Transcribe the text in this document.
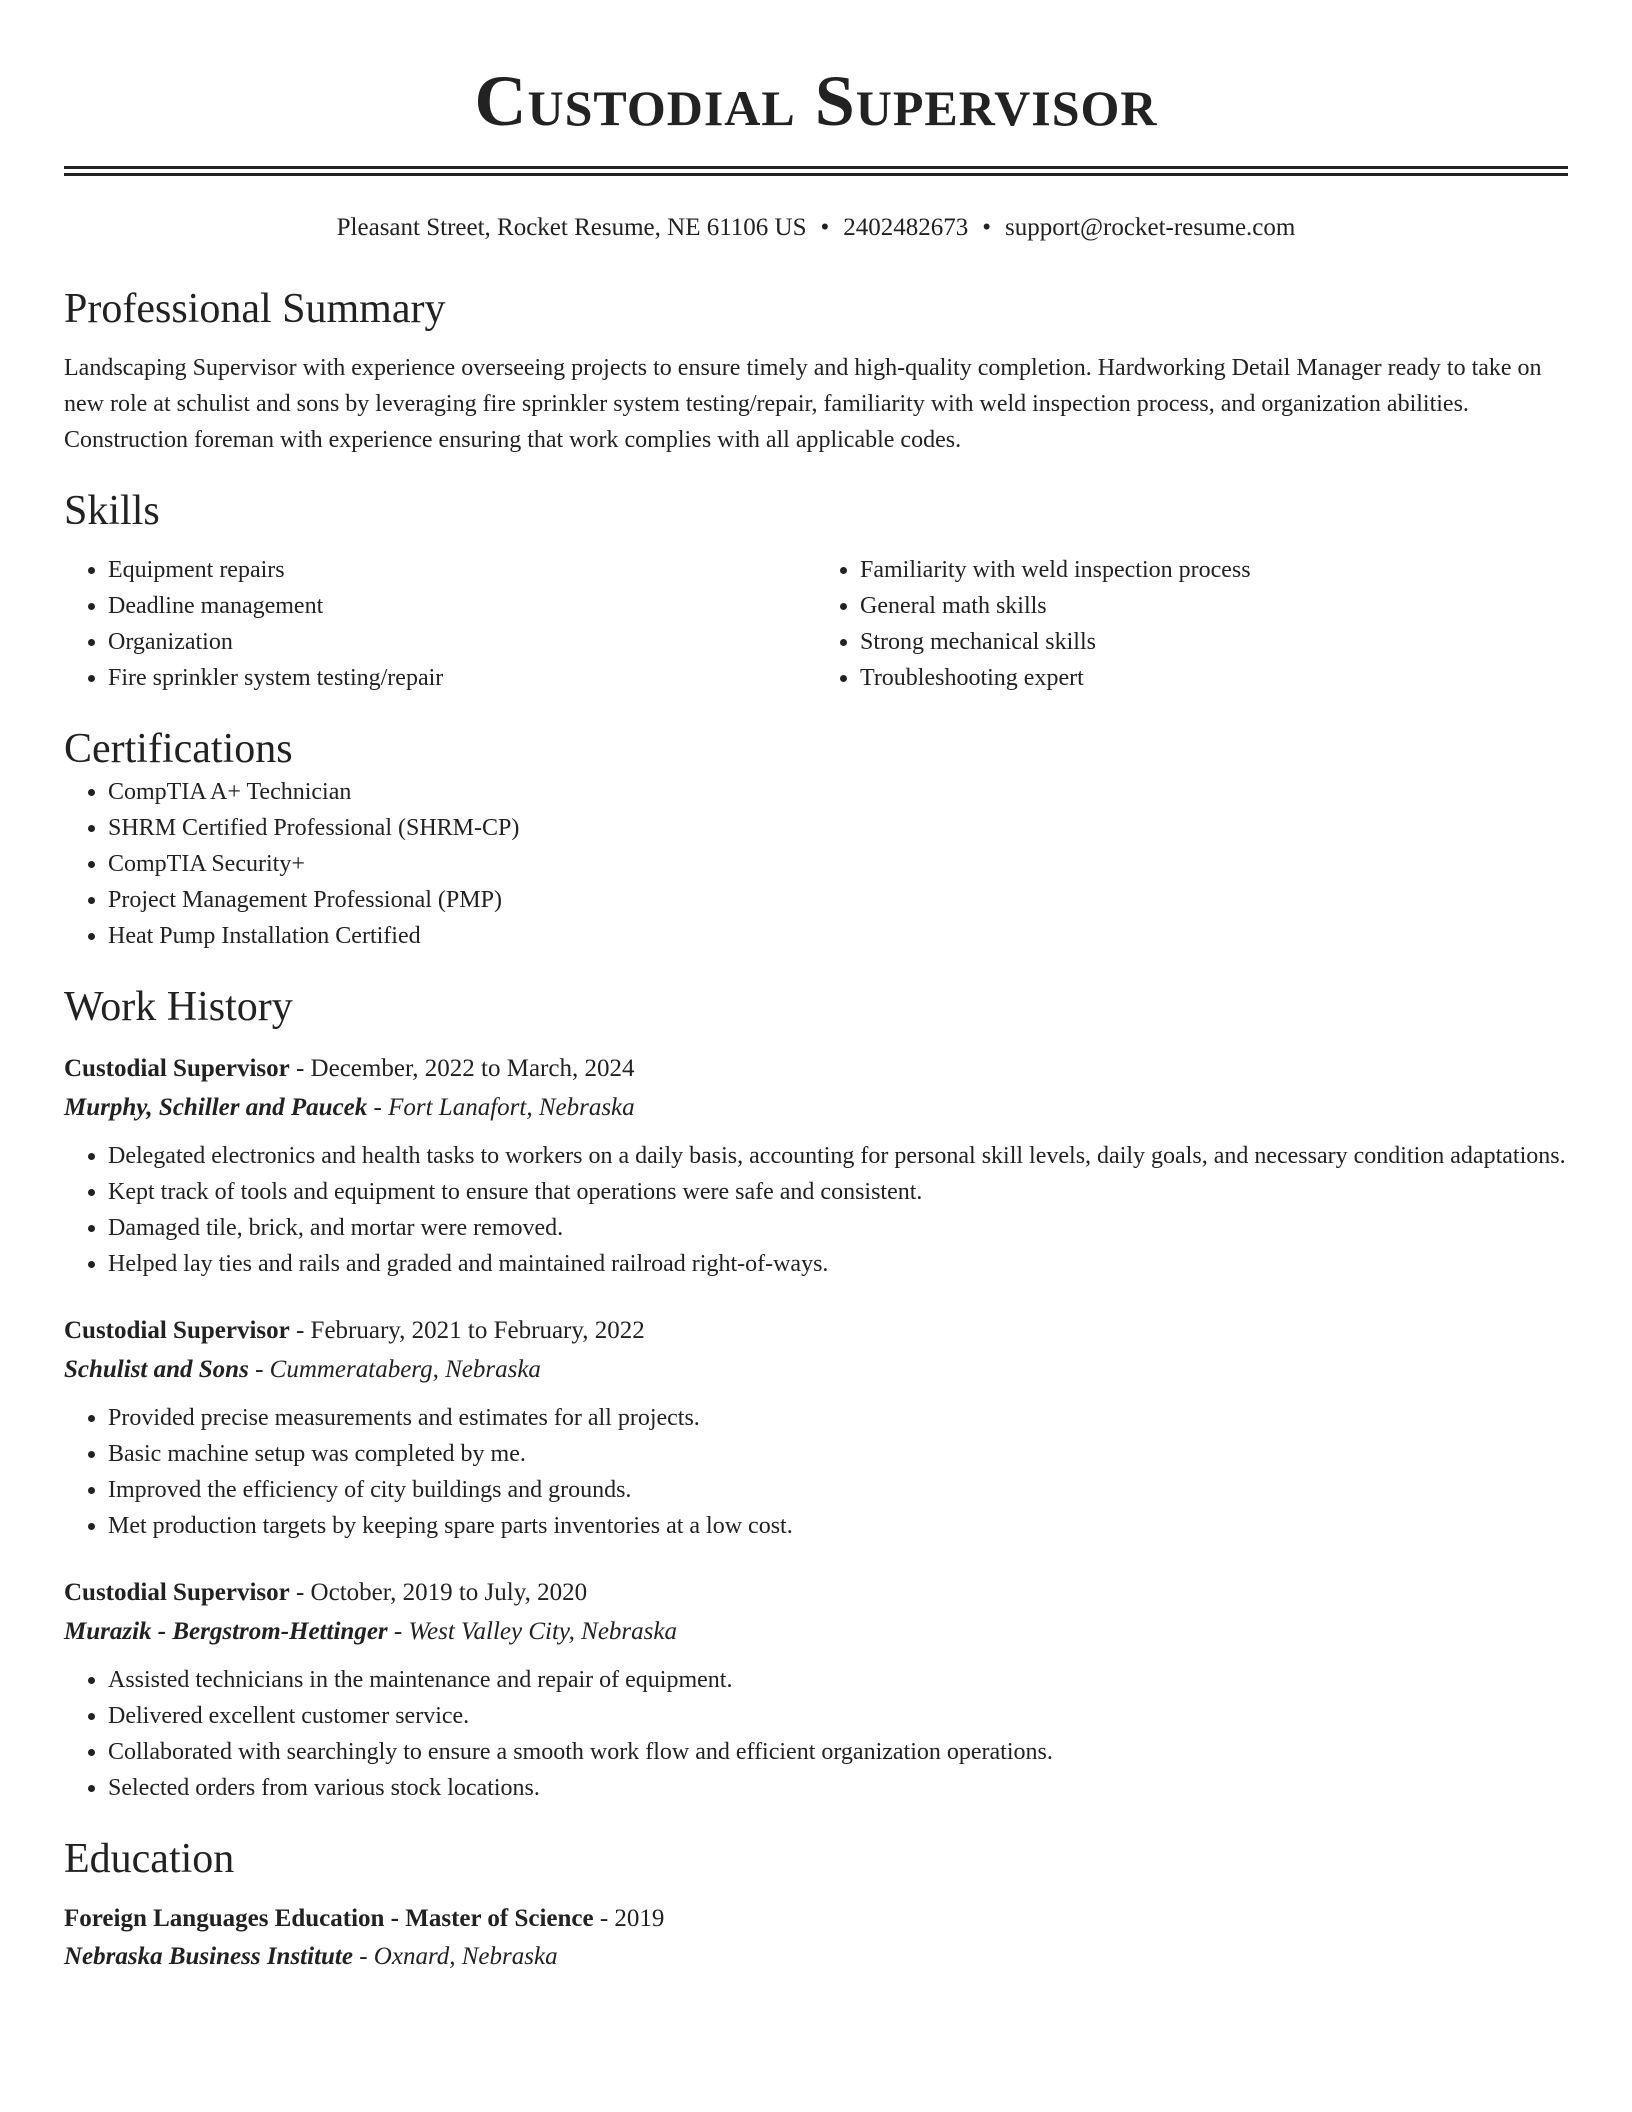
Custodial Supervisor
Pleasant Street, Rocket Resume, NE 61106 US • 2402482673 • support@rocket-resume.com
Professional Summary

Landscaping Supervisor with experience overseeing projects to ensure timely and high-quality completion. Hardworking Detail Manager ready to take on new role at schulist and sons by leveraging fire sprinkler system testing/repair, familiarity with weld inspection process, and organization abilities. Construction foreman with experience ensuring that work complies with all applicable codes.

Skills
• Equipment repairs
• Deadline management
• Organization
• Fire sprinkler system testing/repair
• Familiarity with weld inspection process
• General math skills
• Strong mechanical skills
• Troubleshooting expert
Certifications
• CompTIA A+ Technician
• SHRM Certified Professional (SHRM-CP)
• CompTIA Security+
• Project Management Professional (PMP)
• Heat Pump Installation Certified
Work History
Custodial Supervisor - December, 2022 to March, 2024
Murphy, Schiller and Paucek - Fort Lanafort, Nebraska
• Delegated electronics and health tasks to workers on a daily basis, accounting for personal skill levels, daily goals, and necessary condition adaptations.
• Kept track of tools and equipment to ensure that operations were safe and consistent.
• Damaged tile, brick, and mortar were removed.
• Helped lay ties and rails and graded and maintained railroad right-of-ways.
Custodial Supervisor - February, 2021 to February, 2022
Schulist and Sons - Cummerataberg, Nebraska
• Provided precise measurements and estimates for all projects.
• Basic machine setup was completed by me.
• Improved the efficiency of city buildings and grounds.
• Met production targets by keeping spare parts inventories at a low cost.
Custodial Supervisor - October, 2019 to July, 2020
Murazik - Bergstrom-Hettinger - West Valley City, Nebraska
• Assisted technicians in the maintenance and repair of equipment.
• Delivered excellent customer service.
• Collaborated with searchingly to ensure a smooth work flow and efficient organization operations.
• Selected orders from various stock locations.
Education
Foreign Languages Education - Master of Science - 2019
Nebraska Business Institute - Oxnard, Nebraska
